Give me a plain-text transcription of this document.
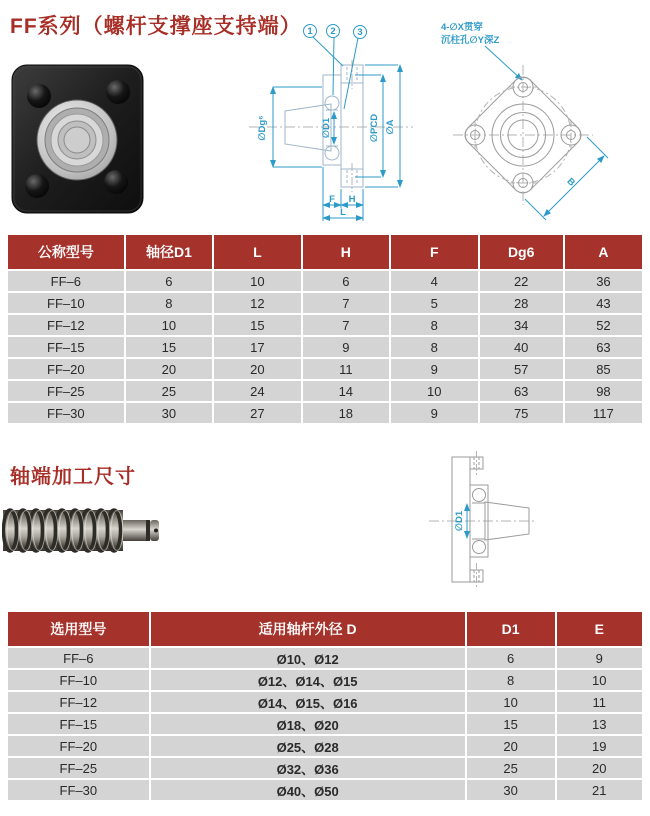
FF系列（螺杆支撑座支持端）
轴端加工尺寸
1 2 3
∅Dg⁶	∅D1	∅PCD ∅A
F H
L
4-∅X贯穿
沉柱孔∅Y深Z
B
公称型号	轴径D1	L	H	F	Dg6	A
FF–6	6	10	6	4	22	36
FF–10	8	12	7	5	28	43
FF–12	10	15	7	8	34	52
FF–15	15	17	9	8	40	63
FF–20	20	20	11	9	57	85
FF–25	25	24	14	10	63	98
FF–30	30	27	18	9	75	117
∅D1
选用型号	适用轴杆外径 D	D1	E
FF–6	Ø10、Ø12	6	9
FF–10	Ø12、Ø14、Ø15	8	10
FF–12	Ø14、Ø15、Ø16	10	11
FF–15	Ø18、Ø20	15	13
FF–20	Ø25、Ø28	20	19
FF–25	Ø32、Ø36	25	20
FF–30	Ø40、Ø50	30	21
